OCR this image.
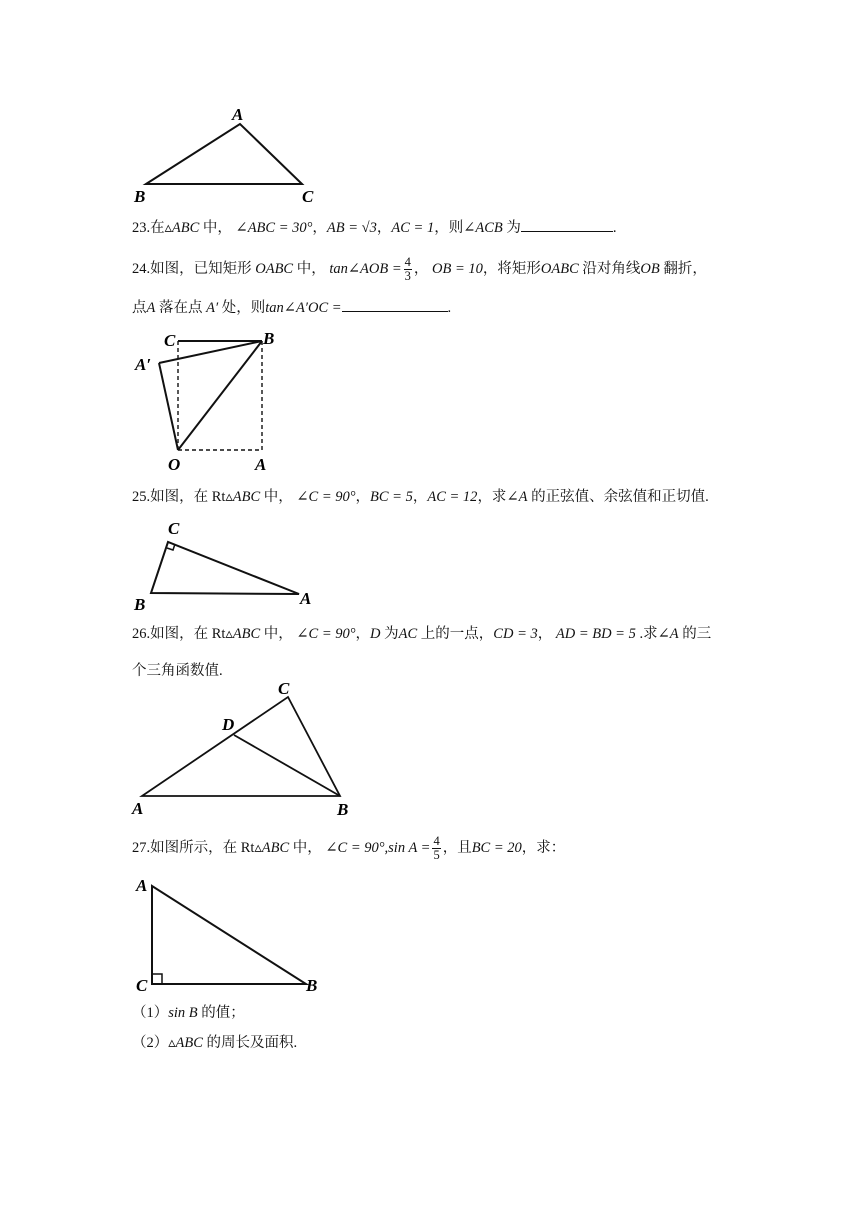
A
B	C
23.在▵ABC 中， ∠ABC = 30°，AB = √3，AC = 1，则∠ACB 为	.
24.如图，已知矩形 OABC 中， tan∠AOB = $\frac{4}{3}$ ， OB = 10，将矩形OABC 沿对角线OB 翻折，
点A 落在点 A′ 处，则tan∠A′OC =	.
C	B
A′
O	A
25.如图，在 Rt▵ABC 中， ∠C = 90°，BC = 5，AC = 12，求∠A 的正弦值、余弦值和正切值.
C
B	A
26.如图，在 Rt▵ABC 中， ∠C = 90°，D 为AC 上的一点，CD = 3， AD = BD = 5 .求∠A 的三
个三角函数值.
C
D
A	B
27.如图所示，在 Rt▵ABC 中， ∠C = 90°,sin $A = \frac{4}{5}$ ，且BC = 20，求：
A
C	B
（1）sin B 的值；
（2）▵ABC 的周长及面积.
